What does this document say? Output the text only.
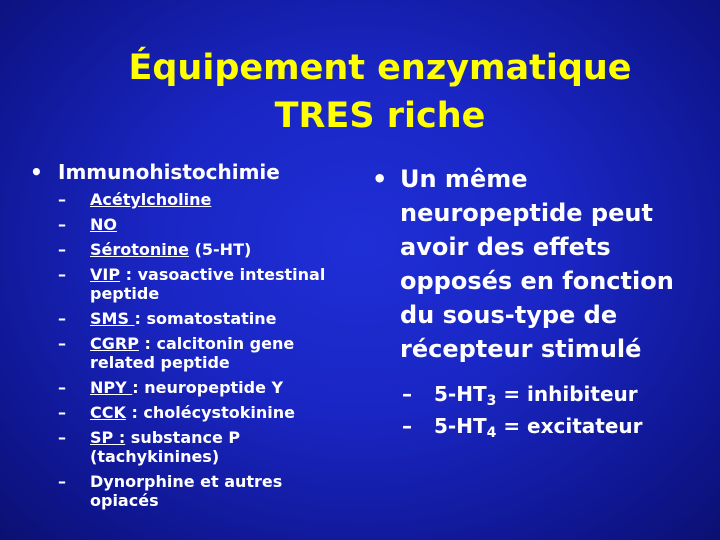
Équipement enzymatique
TRES riche
• Immunohistochimie
–	Acétylcholine
–	NO
–	Sérotonine (5-HT)
–	VIP : vasoactive intestinal peptide
–	SMS : somatostatine
–	CGRP : calcitonin gene related peptide
–	NPY : neuropeptide Y
–	CCK : cholécystokinine
–	SP : substance P (tachykinines)
–	Dynorphine et autres opiacés
• Un même neuropeptide peut avoir des effets opposés en fonction du sous-type de récepteur stimulé
–	$5-HT_3$ = inhibiteur
–	$5-HT_4$ = excitateur
